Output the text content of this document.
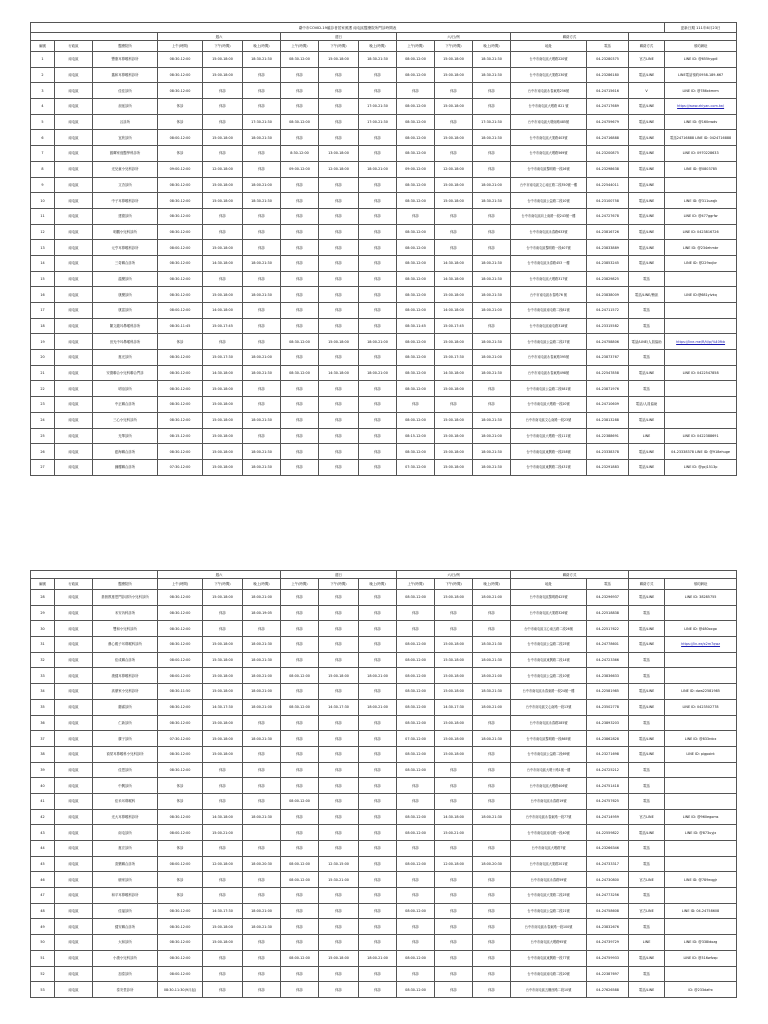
臺中市COVID-19確診者居家照護 南屯區醫療院所門診時間表															更新日期 111年6月23日
			週六			週日			六/日/例			聯絡方式			
編號	行政區	醫療院所	上午(時間)	下午(時間)	晚上(時間)	上午(時間)	下午(時間)	晚上(時間)	上午(時間)	下午(時間)	晚上(時間)	地址	電話	聯絡方式	預約網址
1	南屯區	豐康耳鼻喉科診所	08:30-12:00	15:00-18:00	18:30-21:30	08:30-12:00	15:00-18:00	18:30-21:30	08:00-12:00	15:00-18:00	18:30-21:30	台中市南屯區大墩路220號	04-23280375	官方LINE	LINE ID: @655hygdl
2	南屯區	鑫和耳鼻喉科診所	08:30-12:00	15:00-18:00	休診	休診	休診	休診	08:00-12:00	15:00-18:00	18:30-21:30	台中市南屯區大業路230號	04-23286180	電話/LINE	LINE電話預約0958-189-667
3	南屯區	佳佳診所	08:30-12:00	休診	休診	休診	休診	休診	休診	休診	休診	台中市南屯區永春東路256號	04-24715616	V	LINE ID: @786xkmrm
4	南屯區	昶延診所	休診	休診	休診	休診	休診	17:00-21:30	08:00-12:00	15:00-18:00	休診	台中市南屯區大墩路 821 號	04-24717689	電話/LINE	https://www.zhiyan.com.tw/
5	南屯區	呂診所	休診	休診	17:30-21:30	08:30-12:00	休診	17:00-21:30	08:30-12:00	休診	17:30-21:30	台中市南屯區大墩南路485號	04-24759679	電話/LINE	LINE ID: @160nwdv
6	南屯區	宜欣診所	08:00-12:00	15:00-18:00	18:00-21:30	休診	休診	休診	08:00-12:00	15:00-18:00	18:00-21:30	台中市南屯區大業路403號	04-24716888	電話/LINE	電話24716888 LINE ID: 0424716888
7	南屯區	慈暉家庭醫學科診所	休診	休診	休診	8:30-12:00	13:00-18:00	休診	08:30-12:00	休診	休診	台中市南屯區大墩路569號	04-23200875	電話/LINE	LINE ID: 0970228633
8	南屯區	光兒童小兒科診所	09:00-12:00	12:00-18:00	休診	09:00-12:00	12:00-18:00	18:00-21:00	09:00-12:00	12:00-18:00	休診	台中市南屯區黎明路一段26號	04-23298638	電話/LINE	LINE ID: @0803785
9	南屯區	文杏診所	08:30-12:00	15:00-18:00	18:00-21:00	休診	休診	休診	08:30-12:00	15:00-18:00	18:00-21:00	台中市南屯區文心南五路二段350號一樓	04-22544011	電話/LINE	
10	南屯區	中子耳鼻喉科診所	08:30-12:00	15:00-18:00	18:30-21:30	休診	休診	休診	08:30-12:00	15:00-18:00	18:30-21:30	台中市南屯區公益路二段10號	04-23100758	電話/LINE	LINE ID: @311uzqjk
11	南屯區	建德診所	08:30-12:00	休診	休診	休診	休診	休診	休診	休診	休診	台中市南屯區向上南路一段243號一樓	04-24727678	電話/LINE	LINE ID: @477ggrfw
12	南屯區	明觀小兒科診所	08:30-12:00	休診	休診	休診	休診	休診	08:30-12:00	休診	休診	台中市南屯區永春路633號	04-23816726	電話/LINE	LINE ID: 0423816726
13	南屯區	元亨耳鼻喉科診所	08:00-12:00	15:00-18:00	休診	休診	休診	休診	08:00-12:00	休診	休診	台中市南屯區黎明路一段407號	04-23833889	電話/LINE	LINE ID: @234ehmbr
14	南屯區	三奇聯合診所	08:30-12:00	14:30-18:00	18:00-21:30	休診	休診	休診	08:30-12:00	14:30-18:00	18:00-21:30	台中市南屯區永春路453 一樓	04-23853245	電話/LINE	LINE ID: @229xcjbr
15	南屯區	溫樂診所	08:30-12:00	休診	休診	休診	休診	休診	08:30-12:00	14:30-18:00	18:00-21:30	台中市南屯區大墩路317號	04-23829825	電話	
16	南屯區	康樂診所	08:30-12:00	15:00-18:00	18:00-21:30	休診	休診	休診	08:30-12:00	15:00-18:00	18:00-21:30	台中市南屯區永春路76 號	04-23838009	電話/LINE/簡訊	LINE ID:@681ylvkq
17	南屯區	康富診所	08:00-12:00	14:00-18:00	休診	休診	休診	休診	08:00-12:00	14:00-18:00	18:00-21:00	台中市南屯區南屯路二段81號	04-24711572	電話	
18	南屯區	陳文龍耳鼻喉科診所	08:30-11:45	15:00-17:45	休診	休診	休診	休診	08:30-11:45	15:00-17:45	休診	台中市南屯區南屯路318號	04-23315582	電話	
19	南屯區	田光中耳鼻喉科診所	休診	休診	休診	08:30-12:00	15:00-18:00	18:00-21:00	08:00-12:00	15:00-18:00	18:00-21:30	台中市南屯區公益路二段27號	04-24758806	電話/LINE/人員協助	https://line.me/R/ti/p/%40fkb
20	南屯區	惠光診所	08:30-12:00	15:00-17:30	18:00-21:00	休診	休診	休診	08:30-12:00	15:00-17:30	18:00-21:00	台中市南屯區永春東路395號	04-23873767	電話	
21	南屯區	安德聯合小兒科聯合門診	08:30-12:00	14:30-18:00	18:00-21:30	08:30-12:00	14:30-18:00	18:00-21:00	08:30-12:00	14:30-18:00	18:00-21:30	台中市南屯區永春東路498號	04-22547858	電話/LINE	LINE ID: 0422547858
22	南屯區	明治診所	08:30-12:00	15:00-18:00	休診	休診	休診	休診	08:30-12:00	15:00-18:00	休診	台中市南屯區公益路二段581號	04-23871976	電話	
23	南屯區	中正聯合診所	08:30-12:00	15:00-18:00	休診	休診	休診	休診	休診	休診	休診	台中市南屯區大墩路一段20號	04-24710609	電話/人員協助	
24	南屯區	三心小兒科診所	08:30-12:00	15:00-18:00	18:00-21:30	休診	休診	休診	08:00-12:00	15:00-18:00	18:00-21:30	台中市南屯區文心南路一段23號	04-23813288	電話/LINE	
25	南屯區	光華診所	08:15-12:00	15:00-18:00	休診	休診	休診	休診	08:15-12:00	15:00-18:00	18:00-21:00	台中市南屯區大墩路一段111號	04-22388691	LINE	LINE ID: 0422388691
26	南屯區	藍海聯合診所	08:30-12:00	15:00-18:00	18:00-21:30	休診	休診	休診	08:30-12:00	15:00-18:00	18:00-21:30	台中市南屯區東興路一段258號	04-23338378	電話/LINE	04-23338378 LINE ID: @918ehuge
27	南屯區	鐘樓聯合診所	07:30-12:00	15:00-18:00	18:00-21:30	休診	休診	休診	07:30-12:00	15:00-18:00	18:00-21:30	台中市南屯區東興路二段431號	04-23291883	電話/LINE	LINE ID: @gcj1513p
			週六			週日			六/日/例			聯絡方式			
編號	行政區	醫療院所	上午(時間)	下午(時間)	晚上(時間)	上午(時間)	下午(時間)	晚上(時間)	上午(時間)	下午(時間)	晚上(時間)	地址	電話	聯絡方式	預約網址
28	南屯區	基督教惠恩門診部所小兒科診所	08:30-12:00	15:00-18:00	18:00-21:00	休診	休診	休診	08:30-12:00	15:00-18:00	18:00-21:00	台中市南屯區黎明路425號	04-23296937	電話/LINE	LINE ID: 38285755
29	南屯區	禾安內科診所	08:30-12:00	休診	18:00-19:05	休診	休診	休診	休診	休診	休診	台中市南屯區大業路326號	04-22518838	電話	
30	南屯區	雙和小兒科診所	08:30-12:00	休診	休診	休診	休診	休診	休診	休診	休診	台中市南屯區文心南五路二段26號	04-22517622	電話/LINE	LINE ID: @480ocgo
31	南屯區	鼎心親子耳鼻喉科診所	08:30-12:00	15:00-18:00	18:00-21:30	休診	休診	休診	08:00-12:00	15:00-18:00	18:30-21:30	台中市南屯區公益路二段25號	04-24778601	電話/LINE	https://lin.ee/x2m7qwz
32	南屯區	佳成聯合診所	08:00-12:00	15:30-18:00	18:00-21:30	休診	休診	休診	08:00-12:00	15:30-18:00	18:00-21:30	台中市南屯區東興路二段14號	04-24723366	電話	
33	南屯區	康健耳鼻喉科診所	08:00-12:00	15:00-18:00	18:00-21:00	08:00-12:00	15:00-18:00	18:00-21:00	08:00-12:00	15:00-18:00	18:00-21:00	台中市南屯區公益路二段10號	04-23836633	電話	
34	南屯區	高鼎家小兒科診所	08:30-11:50	15:00-18:00	18:00-21:00	休診	休診	休診	08:30-12:00	15:00-18:00	18:30-21:30	台中市南屯區永春東路一段24號一樓	04-22581985	電話/LINE	LINE ID: dwa22581985
35	南屯區	麗睿診所	08:30-12:00	14:30-17:30	18:00-21:00	08:30-12:00	14:30-17:30	18:00-21:00	08:30-12:00	14:30-17:30	18:00-21:00	台中市南屯區文心南路一段13號	04-23502778	電話/LINE	LINE ID: 0423502778
36	南屯區	仁新診所	08:30-12:00	15:00-18:00	休診	休診	休診	休診	08:30-12:00	15:00-18:00	休診	台中市南屯區永春路285號	04-23893203	電話	
37	南屯區	廣子診所	07:30-12:00	15:00-18:00	18:00-21:30	休診	休診	休診	07:30-12:00	15:00-18:00	18:00-21:30	台中市南屯區黎明路一段865號	04-23862828	電話/LINE	LINE ID: @833rdcx
38	南屯區	禎榮耳鼻喉科小兒科診所	08:30-12:00	15:00-18:00	休診	休診	休診	休診	08:30-12:00	15:00-18:00	休診	台中市南屯區公益路二段69號	04-23271698	電話/LINE	LINE ID: pigpoint
39	南屯區	佳恩診所	08:30-12:00	休診	休診	休診	休診	休診	08:30-12:00	休診	休診	台中市南屯區大墩十路1號一樓	04-24725212	電話	
40	南屯區	中興診所	休診	休診	休診	休診	休診	休診	休診	休診	休診	台中市南屯區大墩路406號	04-24751418	電話	
41	南屯區	佳禾耳鼻喉科	休診	休診	休診	08:00-12:00	休診	休診	休診	休診	休診	台中市南屯區永春路19號	04-24757625	電話	
42	南屯區	光大耳鼻喉科診所	08:30-12:00	14:30-18:00	18:00-21:30	休診	休診	休診	08:30-12:00	14:30-18:00	18:00-21:30	台中市南屯區永春東路一段77號	04-24714959	官方LINE	LINE ID: @960egoms
43	南屯區	南屯診所	08:00-12:00	15:00-21:00		休診	休診	休診	08:00-12:00	15:00-21:00		台中市南屯區南屯路一段40號	04-22559822	電話/LINE	LINE ID: @873uyjx
44	南屯區	惠宏診所	休診	休診	休診	休診	休診	休診	休診	休診	休診	台中市南屯區大墩路7號	04-23266346	電話	
45	南屯區	喜樂聯合診所	08:00-12:00	12:00-18:00	18:00-20:30	08:00-12:00	12:30-15:00	休診	08:00-12:00	12:00-18:00	18:00-20:30	台中市南屯區大業路201號	04-24733317	電話	
46	南屯區	頤家診所	休診	休診	休診	08:00-12:00	15:30-21:00	休診	休診	休診	休診	台中市南屯區永春路59號	04-24730800	官方LINE	LINE ID: @789eqgjr
47	南屯區	和平耳鼻喉科診所	休診	休診	休診	休診	休診	休診	休診	休診	休診	台中市南屯區大業路二段25號	04-24773256	電話	
48	南屯區	佳福診所	08:30-12:00	14:30-17:30	18:00-21:00	休診	休診	休診	08:00-12:00	休診	休診	台中市南屯區公益路二段21號	04-24758608	官方LINE	LINE ID: 04-24758608
49	南屯區	健安聯合診所	08:30-12:00	15:00-18:00	18:00-21:30	休診	休診	休診	休診	休診	休診	台中市南屯區永春東路一段100號	04-23832676	電話	
50	南屯區	大和診所	08:30-12:00	15:00-18:00	休診	休診	休診	休診	休診	休診	休診	台中市南屯區大墩路95號	04-24739729	LINE	LINE ID: @338ldozg
51	南屯區	小康小兒科診所	08:30-12:00	休診	休診	08:00-12:00	15:00-18:00	18:00-21:00	08:00-12:00	休診	休診	台中市南屯區東興路一段77號	04-24759933	電話/LINE	LINE ID: @316wfzzp
52	南屯區	加泰診所	08:00-12:00	休診	休診	休診	休診	休診	休診	休診	休診	台中市南屯區南屯路二段20號	04-22387697	電話	
53	南屯區	泰安堂診所	08:30-11:30(9月起)	休診	休診	休診	休診	休診	08:30-12:00	休診	休診	台中市南屯區五權西路二段10號	04-27626588	電話/LINE	ID: @233dafrx
